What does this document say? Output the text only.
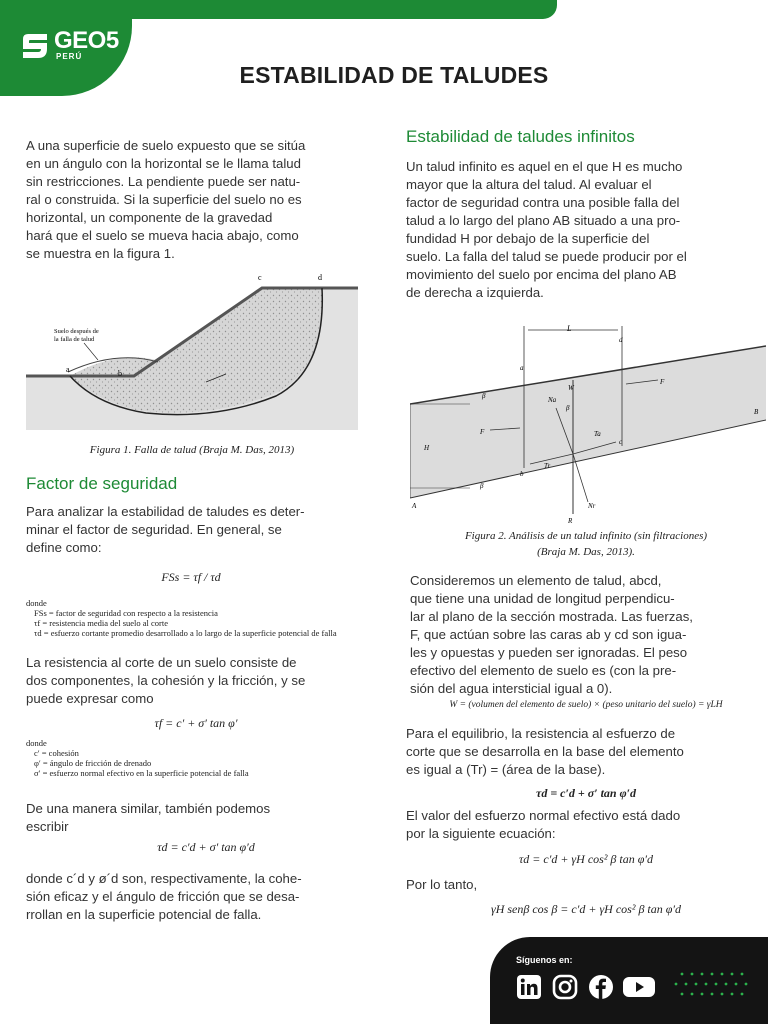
GEO5
PERÚ
ESTABILIDAD DE TALUDES
A una superficie de suelo expuesto que se sitúa
en un ángulo con la horizontal se le llama talud
sin restricciones. La pendiente puede ser natu-
ral o construida. Si la superficie del suelo no es
horizontal, un componente de la gravedad
hará que el suelo se mueva hacia abajo, como
se muestra en la figura 1.
c	d
a	b
Suelo después de
la falla de talud
Figura 1. Falla de talud (Braja M. Das, 2013)
Factor de seguridad
Para analizar la estabilidad de taludes es deter-
minar el factor de seguridad. En general, se
define como:
FSs = τf / τd
donde
FSs = factor de seguridad con respecto a la resistencia
τf = resistencia media del suelo al corte
τd = esfuerzo cortante promedio desarrollado a lo largo de la superficie potencial de falla
La resistencia al corte de un suelo consiste de
dos componentes, la cohesión y la fricción, y se
puede expresar como
τf = c′ + σ′ tan φ′
donde
c′ = cohesión
φ′ = ángulo de fricción de drenado
σ′ = esfuerzo normal efectivo en la superficie potencial de falla
De una manera similar, también podemos
escribir
τd = c′d + σ′ tan φ′d
donde c´d y ø´d son, respectivamente, la cohe-
sión eficaz y el ángulo de fricción que se desa-
rrollan en la superficie potencial de falla.
Estabilidad de taludes infinitos
Un talud infinito es aquel en el que H es mucho
mayor que la altura del talud. Al evaluar el
factor de seguridad contra una posible falla del
talud a lo largo del plano AB situado a una pro-
fundidad H por debajo de la superficie del
suelo. La falla del talud se puede producir por el
movimiento del suelo por encima del plano AB
de derecha a izquierda.
L
a
d
W
F
F
B
β
β
β
H
Na
Ta
c
b
Tr
Nr
A
R
Figura 2. Análisis de un talud infinito (sin filtraciones)
(Braja M. Das, 2013).
Consideremos un elemento de talud, abcd,
que tiene una unidad de longitud perpendicu-
lar al plano de la sección mostrada. Las fuerzas,
F, que actúan sobre las caras ab y cd son igua-
les y opuestas y pueden ser ignoradas. El peso
efectivo del elemento de suelo es (con la pre-
sión del agua intersticial igual a 0).
W = (volumen del elemento de suelo) × (peso unitario del suelo) = γLH
Para el equilibrio, la resistencia al esfuerzo de
corte que se desarrolla en la base del elemento
es igual a (Tr) = (área de la base).
τd = c′d + σ′ tan φ′d
El valor del esfuerzo normal efectivo está dado
por la siguiente ecuación:
τd = c′d + γH cos² β tan φ′d
Por lo tanto,
γH senβ cos β = c′d + γH cos² β tan φ′d
Síguenos en:
